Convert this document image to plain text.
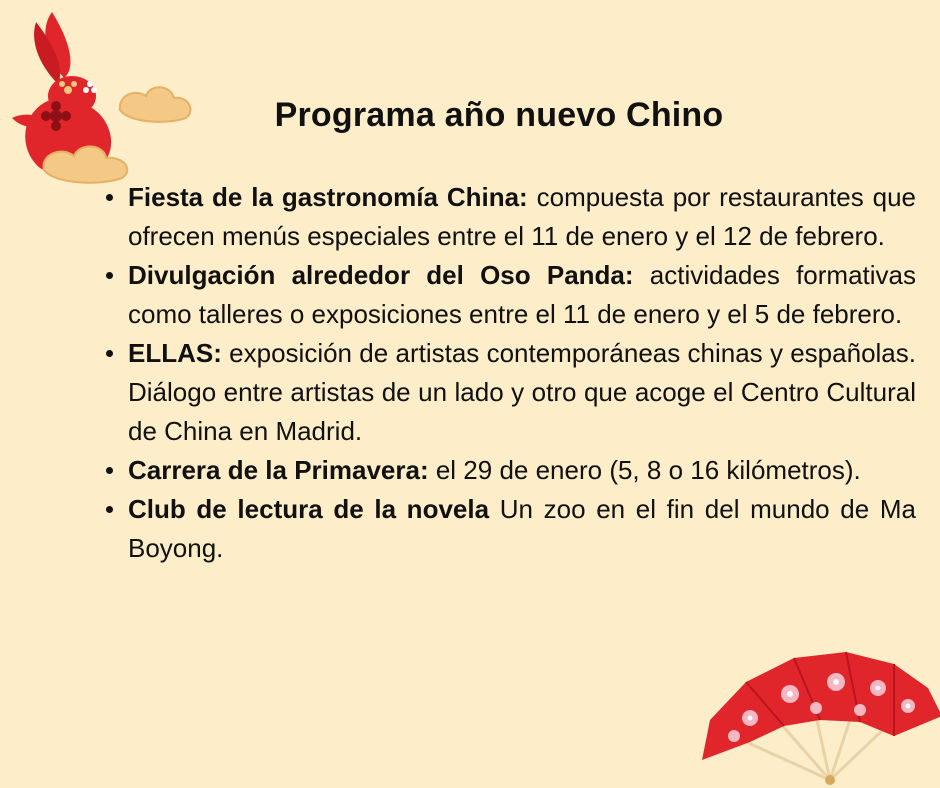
Programa año nuevo Chino
Fiesta de la gastronomía China: compuesta por restaurantes que ofrecen menús especiales entre el 11 de enero y el 12 de febrero.
Divulgación alrededor del Oso Panda: actividades formativas como talleres o exposiciones entre el 11 de enero y el 5 de febrero.
ELLAS: exposición de artistas contemporáneas chinas y españolas. Diálogo entre artistas de un lado y otro que acoge el Centro Cultural de China en Madrid.
Carrera de la Primavera: el 29 de enero (5, 8 o 16 kilómetros).
Club de lectura de la novela Un zoo en el fin del mundo de Ma Boyong.
